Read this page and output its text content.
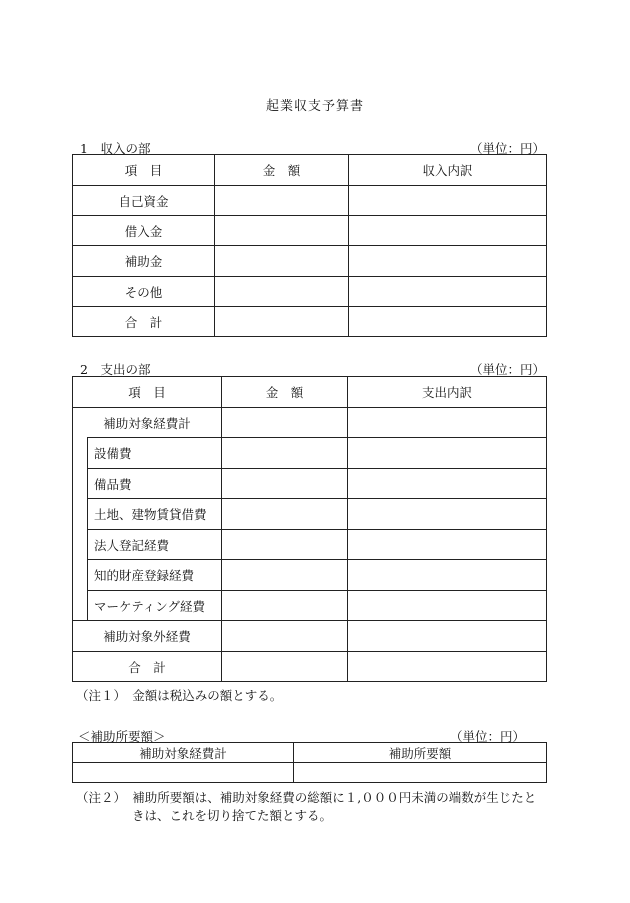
起業収支予算書
1　収入の部	（単位：円）
項　目	金　額	収入内訳
自己資金		
借入金		
補助金		
その他		
合　計		
2　支出の部	（単位：円）
項　目		金　額	支出内訳
補助対象経費計			
	設備費		
	備品費		
	土地、建物賃貸借費		
	法人登記経費		
	知的財産登録経費		
	マーケティング経費		
補助対象外経費			
合　計			
（注１）　金額は税込みの額とする。
＜補助所要額＞	（単位：円）
補助対象経費計	補助所要額

（注２）　補助所要額は、補助対象経費の総額に１,０００円未満の端数が生じたと
きは、これを切り捨てた額とする。
